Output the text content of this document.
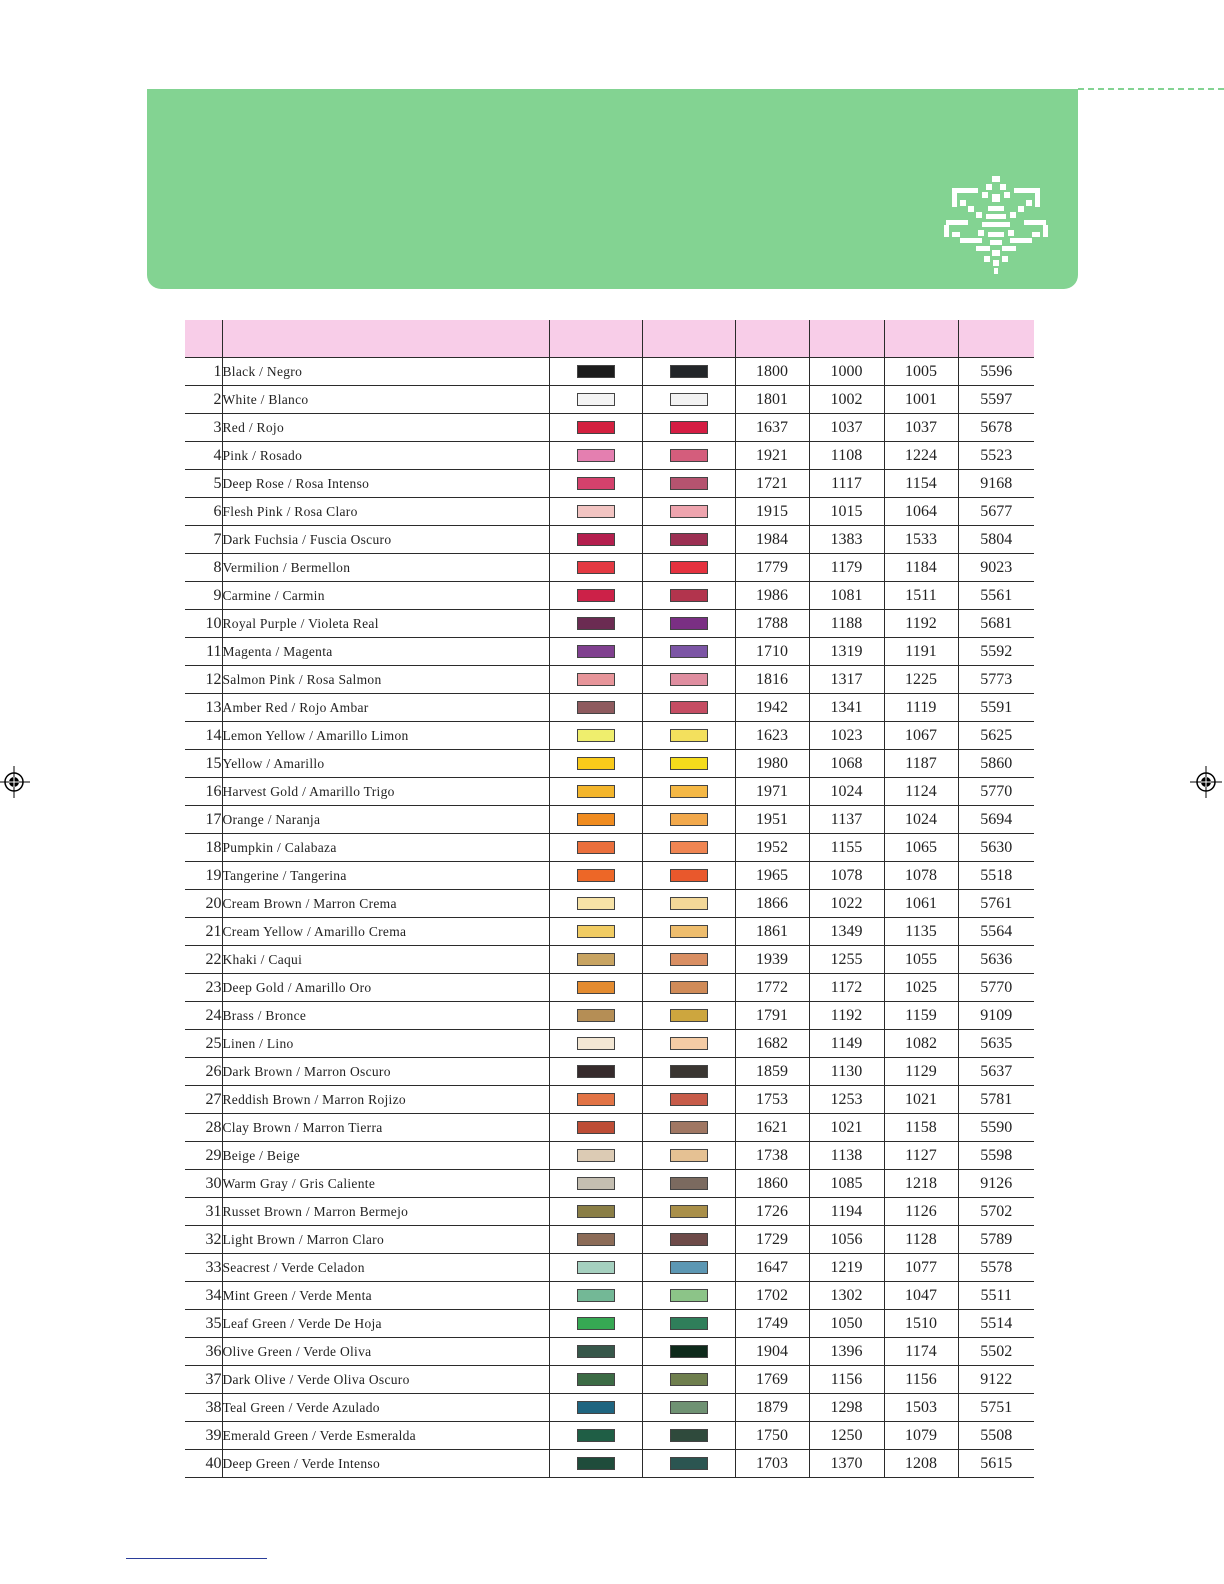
1	Black / Negro			1800	1000	1005	5596
2	White / Blanco			1801	1002	1001	5597
3	Red / Rojo			1637	1037	1037	5678
4	Pink / Rosado			1921	1108	1224	5523
5	Deep Rose / Rosa Intenso			1721	1117	1154	9168
6	Flesh Pink / Rosa Claro			1915	1015	1064	5677
7	Dark Fuchsia / Fuscia Oscuro			1984	1383	1533	5804
8	Vermilion / Bermellon			1779	1179	1184	9023
9	Carmine / Carmin			1986	1081	1511	5561
10	Royal Purple / Violeta Real			1788	1188	1192	5681
11	Magenta / Magenta			1710	1319	1191	5592
12	Salmon Pink / Rosa Salmon			1816	1317	1225	5773
13	Amber Red / Rojo Ambar			1942	1341	1119	5591
14	Lemon Yellow / Amarillo Limon			1623	1023	1067	5625
15	Yellow / Amarillo			1980	1068	1187	5860
16	Harvest Gold / Amarillo Trigo			1971	1024	1124	5770
17	Orange / Naranja			1951	1137	1024	5694
18	Pumpkin / Calabaza			1952	1155	1065	5630
19	Tangerine / Tangerina			1965	1078	1078	5518
20	Cream Brown / Marron Crema			1866	1022	1061	5761
21	Cream Yellow / Amarillo Crema			1861	1349	1135	5564
22	Khaki / Caqui			1939	1255	1055	5636
23	Deep Gold / Amarillo Oro			1772	1172	1025	5770
24	Brass / Bronce			1791	1192	1159	9109
25	Linen / Lino			1682	1149	1082	5635
26	Dark Brown / Marron Oscuro			1859	1130	1129	5637
27	Reddish Brown / Marron Rojizo			1753	1253	1021	5781
28	Clay Brown / Marron Tierra			1621	1021	1158	5590
29	Beige / Beige			1738	1138	1127	5598
30	Warm Gray / Gris Caliente			1860	1085	1218	9126
31	Russet Brown / Marron Bermejo			1726	1194	1126	5702
32	Light Brown / Marron Claro			1729	1056	1128	5789
33	Seacrest / Verde Celadon			1647	1219	1077	5578
34	Mint Green / Verde Menta			1702	1302	1047	5511
35	Leaf Green / Verde De Hoja			1749	1050	1510	5514
36	Olive Green / Verde Oliva			1904	1396	1174	5502
37	Dark Olive / Verde Oliva Oscuro			1769	1156	1156	9122
38	Teal Green / Verde Azulado			1879	1298	1503	5751
39	Emerald Green / Verde Esmeralda			1750	1250	1079	5508
40	Deep Green / Verde Intenso			1703	1370	1208	5615
